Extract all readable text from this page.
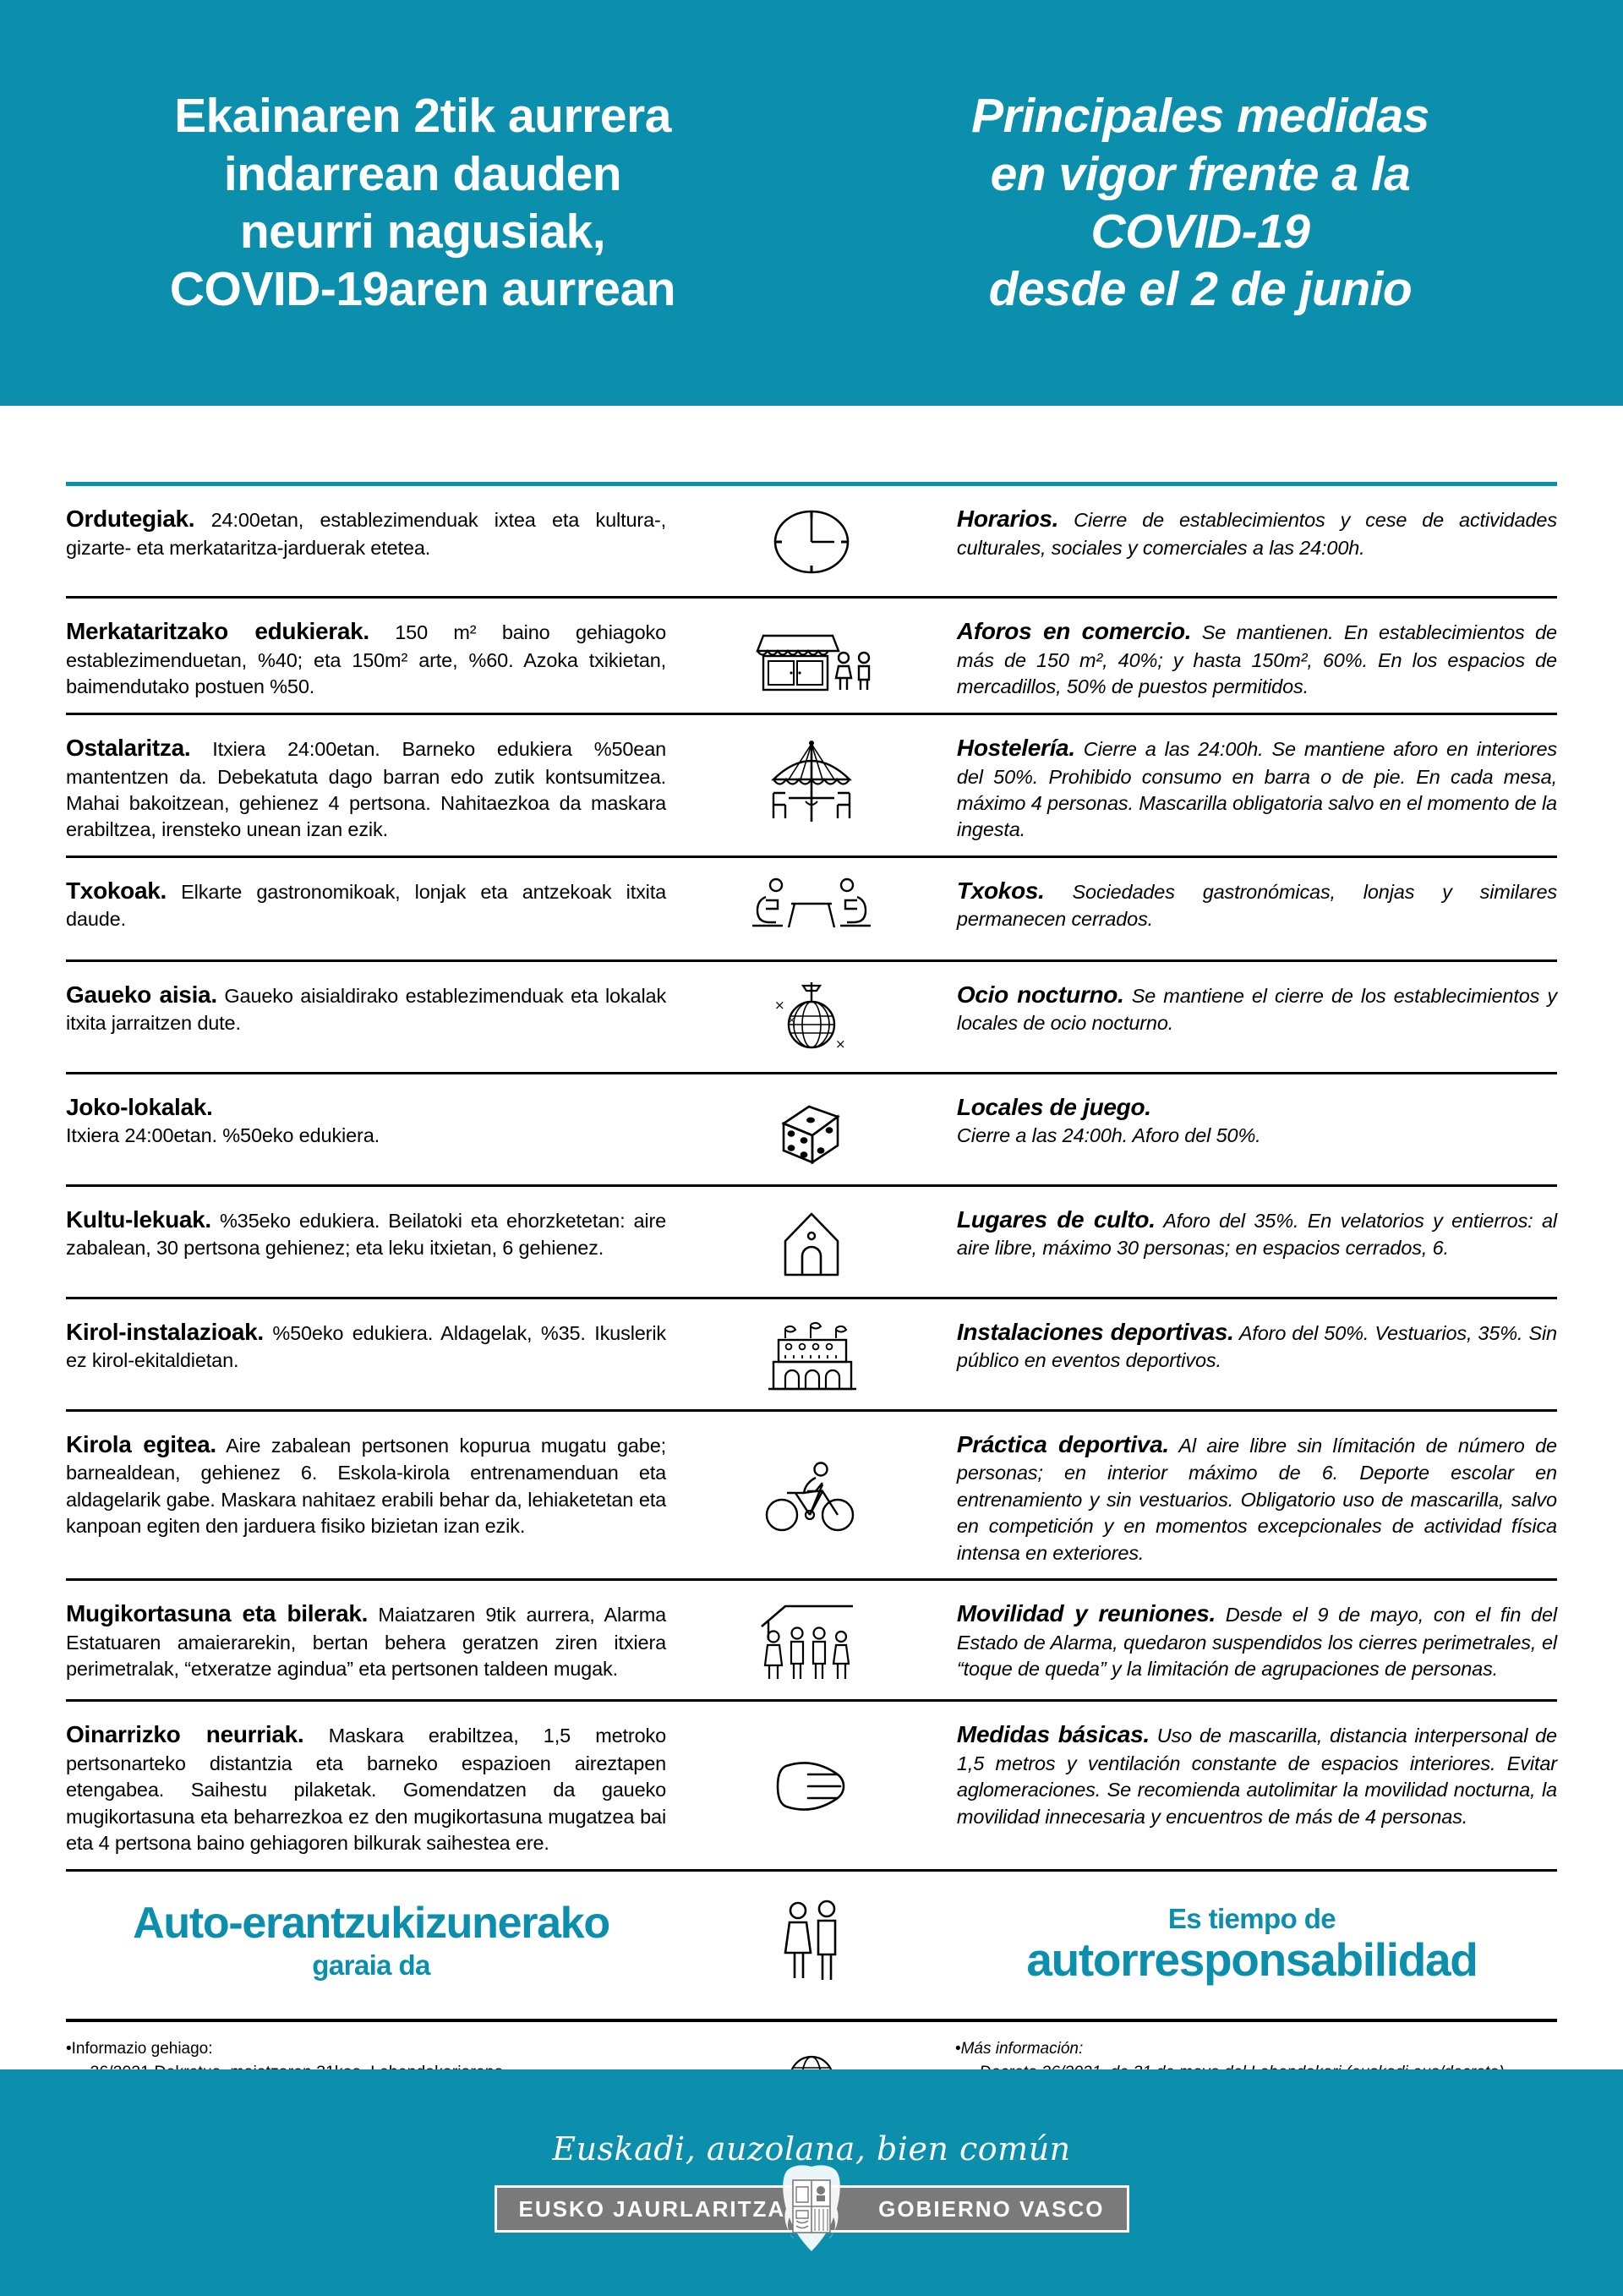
Ekainaren 2tik aurrera
indarrean dauden
neurri nagusiak,
COVID-19aren aurrean
Principales medidas
en vigor frente a la
COVID-19
desde el 2 de junio

Ordutegiak. 24:00etan, establezimenduak ixtea eta kultura-, gizarte- eta merkataritza-jarduerak etetea.

Horarios. Cierre de establecimientos y cese de actividades culturales, sociales y comerciales a las 24:00h.

Merkataritzako edukierak. 150 m² baino gehiagoko establezimenduetan, %40; eta 150m² arte, %60. Azoka txikietan, baimendutako postuen %50.

Aforos en comercio. Se mantienen. En establecimientos de más de 150 m², 40%; y hasta 150m², 60%. En los espacios de mercadillos, 50% de puestos permitidos.

Ostalaritza. Itxiera 24:00etan. Barneko edukiera %50ean mantentzen da. Debekatuta dago barran edo zutik kontsumitzea. Mahai bakoitzean, gehienez 4 pertsona. Nahitaezkoa da maskara erabiltzea, irensteko unean izan ezik.

Hostelería. Cierre a las 24:00h. Se mantiene aforo en interiores del 50%. Prohibido consumo en barra o de pie. En cada mesa, máximo 4 personas. Mascarilla obligatoria salvo en el momento de la ingesta.

Txokoak. Elkarte gastronomikoak, lonjak eta antzekoak itxita daude.

Txokos. Sociedades gastronómicas, lonjas y similares permanecen cerrados.

Gaueko aisia. Gaueko aisialdirako establezimenduak eta lokalak itxita jarraitzen dute.

×
×
×

Ocio nocturno. Se mantiene el cierre de los establecimientos y locales de ocio nocturno.

Joko-lokalak.
Itxiera 24:00etan. %50eko edukiera.

Locales de juego.
Cierre a las 24:00h. Aforo del 50%.

Kultu-lekuak. %35eko edukiera. Beilatoki eta ehorzketetan: aire zabalean, 30 pertsona gehienez; eta leku itxietan, 6 gehienez.

Lugares de culto. Aforo del 35%. En velatorios y entierros: al aire libre, máximo 30 personas; en espacios cerrados, 6.

Kirol-instalazioak. %50eko edukiera. Aldagelak, %35. Ikuslerik ez kirol-ekitaldietan.

Instalaciones deportivas. Aforo del 50%. Vestuarios, 35%. Sin público en eventos deportivos.

Kirola egitea. Aire zabalean pertsonen kopurua mugatu gabe; barnealdean, gehienez 6. Eskola-kirola entrenamenduan eta aldagelarik gabe. Maskara nahitaez erabili behar da, lehiaketetan eta kanpoan egiten den jarduera fisiko bizietan izan ezik.

Práctica deportiva. Al aire libre sin límitación de número de personas; en interior máximo de 6. Deporte escolar en entrenamiento y sin vestuarios. Obligatorio uso de mascarilla, salvo en competición y en momentos excepcionales de actividad física intensa en exteriores.

Mugikortasuna eta bilerak. Maiatzaren 9tik aurrera, Alarma Estatuaren amaierarekin, bertan behera geratzen ziren itxiera perimetralak, “etxeratze agindua” eta pertsonen taldeen mugak.

Movilidad y reuniones. Desde el 9 de mayo, con el fin del Estado de Alarma, quedaron suspendidos los cierres perimetrales, el “toque de queda” y la limitación de agrupaciones de personas.

Oinarrizko neurriak. Maskara erabiltzea, 1,5 metroko pertsonarteko distantzia eta barneko espazioen aireztapen etengabea. Saihestu pilaketak. Gomendatzen da gaueko mugikortasuna eta beharrezkoa ez den mugikortasuna mugatzea bai eta 4 pertsona baino gehiagoren bilkurak saihestea ere.

Medidas básicas. Uso de mascarilla, distancia interpersonal de 1,5 metros y ventilación constante de espacios interiores. Evitar aglomeraciones. Se recomienda autolimitar la movilidad nocturna, la movilidad innecesaria y encuentros de más de 4 personas.

Auto-erantzukizunerako
garaia da
Es tiempo de
autorresponsabilidad
•Informazio gehiago:	•Más información:
Euskadi, auzolana, bien común
EUSKO JAURLARITZA	GOBIERNO VASCO
